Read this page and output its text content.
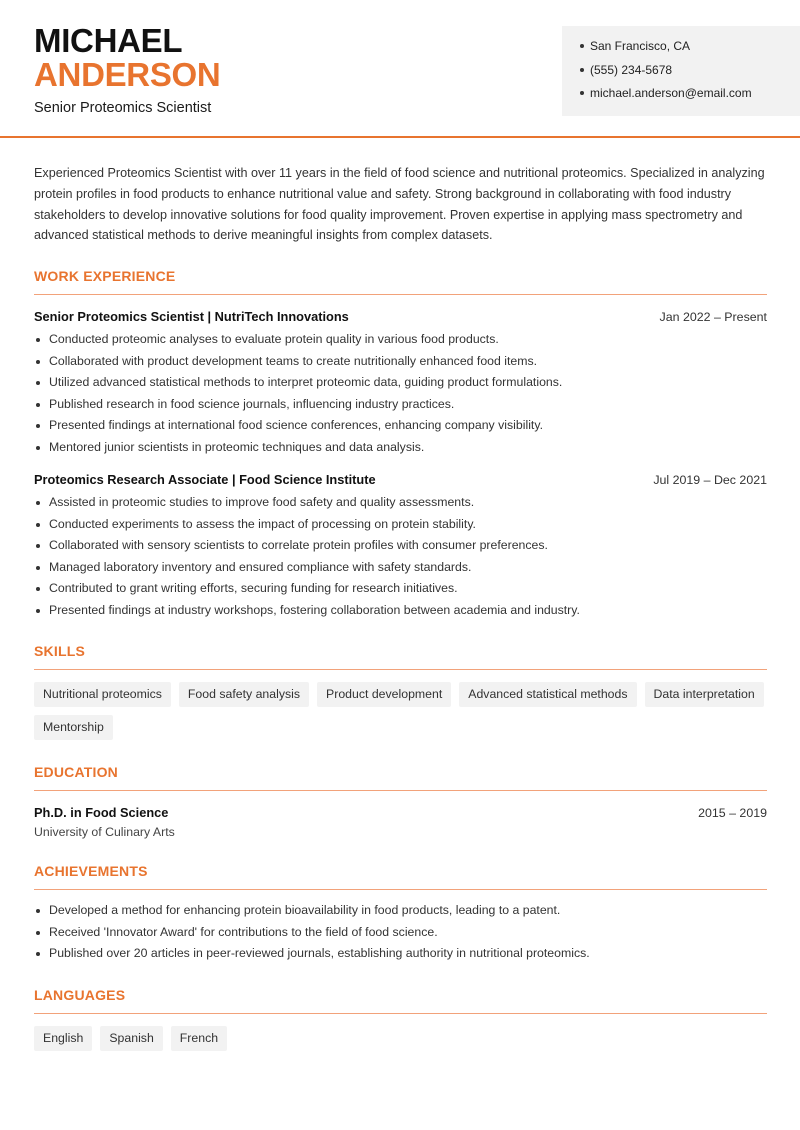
MICHAEL
ANDERSON
Senior Proteomics Scientist
San Francisco, CA
(555) 234-5678
michael.anderson@email.com

Experienced Proteomics Scientist with over 11 years in the field of food science and nutritional proteomics. Specialized in analyzing protein profiles in food products to enhance nutritional value and safety. Strong background in collaborating with food industry stakeholders to develop innovative solutions for food quality improvement. Proven expertise in applying mass spectrometry and advanced statistical methods to derive meaningful insights from complex datasets.

WORK EXPERIENCE
Senior Proteomics Scientist | NutriTech Innovations	Jan 2022 – Present
Conducted proteomic analyses to evaluate protein quality in various food products.
Collaborated with product development teams to create nutritionally enhanced food items.
Utilized advanced statistical methods to interpret proteomic data, guiding product formulations.
Published research in food science journals, influencing industry practices.
Presented findings at international food science conferences, enhancing company visibility.
Mentored junior scientists in proteomic techniques and data analysis.
Proteomics Research Associate | Food Science Institute	Jul 2019 – Dec 2021
Assisted in proteomic studies to improve food safety and quality assessments.
Conducted experiments to assess the impact of processing on protein stability.
Collaborated with sensory scientists to correlate protein profiles with consumer preferences.
Managed laboratory inventory and ensured compliance with safety standards.
Contributed to grant writing efforts, securing funding for research initiatives.
Presented findings at industry workshops, fostering collaboration between academia and industry.
SKILLS
Nutritional proteomics	Food safety analysis	Product development	Advanced statistical methods	Data interpretation
Mentorship
EDUCATION
Ph.D. in Food Science	2015 – 2019
University of Culinary Arts
ACHIEVEMENTS
Developed a method for enhancing protein bioavailability in food products, leading to a patent.
Received 'Innovator Award' for contributions to the field of food science.
Published over 20 articles in peer-reviewed journals, establishing authority in nutritional proteomics.
LANGUAGES
English	Spanish	French
